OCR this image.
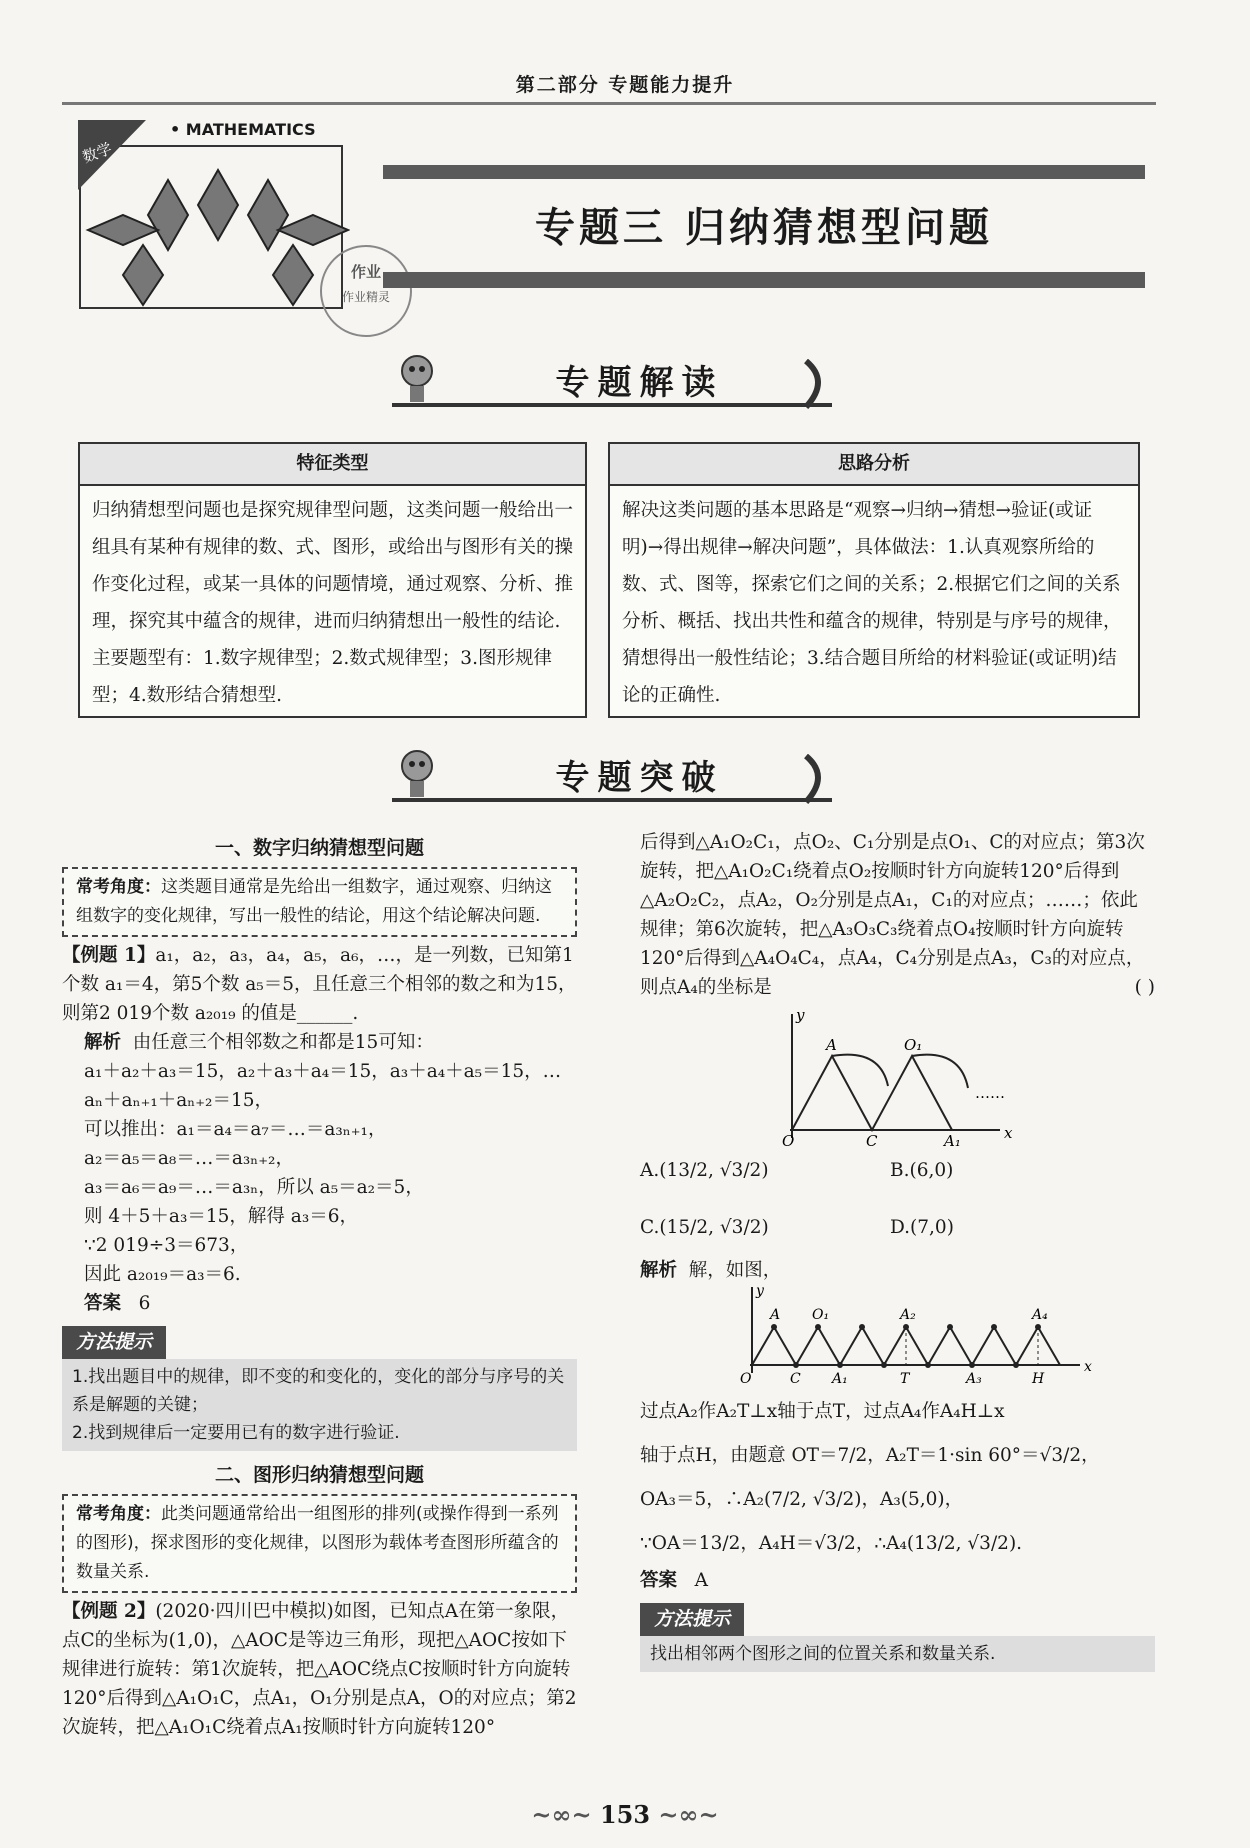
第二部分 专题能力提升
数学
• MATHEMATICS
作业
作业精灵
专题三 归纳猜想型问题
专题解读
特征类型
归纳猜想型问题也是探究规律型问题，这类问题一般给出一组具有某种有规律的数、式、图形，或给出与图形有关的操作变化过程，或某一具体的问题情境，通过观察、分析、推理，探究其中蕴含的规律，进而归纳猜想出一般性的结论.主要题型有：1.数字规律型；2.数式规律型；3.图形规律型；4.数形结合猜想型.
思路分析
解决这类问题的基本思路是“观察→归纳→猜想→验证(或证明)→得出规律→解决问题”，具体做法：1.认真观察所给的数、式、图等，探索它们之间的关系；2.根据它们之间的关系分析、概括、找出共性和蕴含的规律，特别是与序号的规律，猜想得出一般性结论；3.结合题目所给的材料验证(或证明)结论的正确性.
专题突破
一、数字归纳猜想型问题
常考角度：这类题目通常是先给出一组数字，通过观察、归纳这组数字的变化规律，写出一般性的结论，用这个结论解决问题.
【例题 1】a₁，a₂，a₃，a₄，a₅，a₆，…，是一列数，已知第1个数 a₁＝4，第5个数 a₅＝5，且任意三个相邻的数之和为15，则第2 019个数 a₂₀₁₉ 的值是______.
解析 由任意三个相邻数之和都是15可知：
a₁＋a₂＋a₃＝15，a₂＋a₃＋a₄＝15，a₃＋a₄＋a₅＝15，…
aₙ＋aₙ₊₁＋aₙ₊₂＝15，
可以推出：a₁＝a₄＝a₇＝…＝a₃ₙ₊₁，
a₂＝a₅＝a₈＝…＝a₃ₙ₊₂，
a₃＝a₆＝a₉＝…＝a₃ₙ，所以 a₅＝a₂＝5，
则 4＋5＋a₃＝15，解得 a₃＝6，
∵2 019÷3＝673，
因此 a₂₀₁₉＝a₃＝6.
答案 6
方法提示
1.找出题目中的规律，即不变的和变化的，变化的部分与序号的关系是解题的关键；
2.找到规律后一定要用已有的数字进行验证.
二、图形归纳猜想型问题
常考角度：此类问题通常给出一组图形的排列(或操作得到一系列的图形)，探求图形的变化规律，以图形为载体考查图形所蕴含的数量关系.
【例题 2】(2020·四川巴中模拟)如图，已知点A在第一象限，点C的坐标为(1,0)，△AOC是等边三角形，现把△AOC按如下规律进行旋转：第1次旋转，把△AOC绕点C按顺时针方向旋转120°后得到△A₁O₁C，点A₁，O₁分别是点A，O的对应点；第2次旋转，把△A₁O₁C绕着点A₁按顺时针方向旋转120°
后得到△A₁O₂C₁，点O₂、C₁分别是点O₁、C的对应点；第3次旋转，把△A₁O₂C₁绕着点O₂按顺时针方向旋转120°后得到△A₂O₂C₂，点A₂，O₂分别是点A₁，C₁的对应点；……；依此规律；第6次旋转，把△A₃O₃C₃绕着点O₄按顺时针方向旋转120°后得到△A₄O₄C₄，点A₄，C₄分别是点A₃，C₃的对应点，则点A₄的坐标是	( )
O	C
A	O₁
A₁	x
y
……
A.(13/2, √3/2)	B.(6,0)
C.(15/2, √3/2)	D.(7,0)
解析 解，如图，
O	C A₁	T	A₃	H
A O₁	A₂	A₄
x
y
过点A₂作A₂T⊥x轴于点T，过点A₄作A₄H⊥x
轴于点H，由题意 OT＝7/2，A₂T＝1·sin 60°＝√3/2，
OA₃＝5，∴A₂(7/2, √3/2)，A₃(5,0)，
∵OA＝13/2，A₄H＝√3/2，∴A₄(13/2, √3/2).
答案 A
方法提示
找出相邻两个图形之间的位置关系和数量关系.
~∞~ 153 ~∞~
